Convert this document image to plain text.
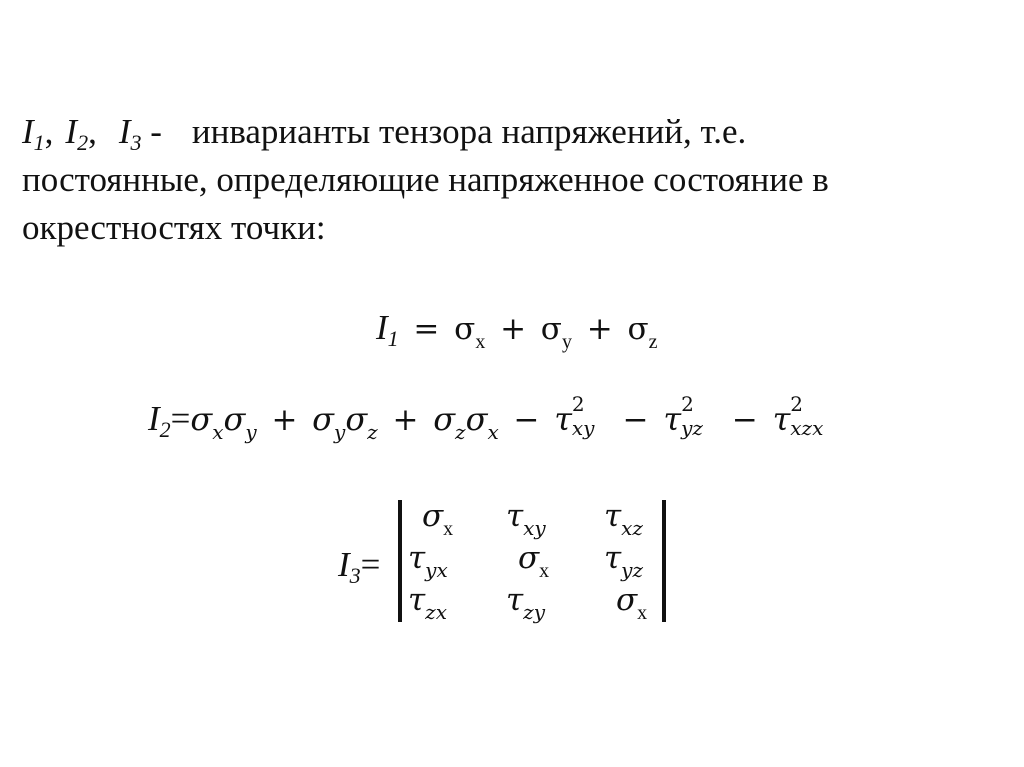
$I_1$, $I_2$, $I_3$ - инварианты тензора напряжений, т.е.
постоянные, определяющие напряженное состояние в
окрестностях точки:
$I_1 = \sigma_x + \sigma_y + \sigma_z$
$I_2=\sigma_x\sigma_y + \sigma_y\sigma_z + \sigma_z\sigma_x - \tau$ 2
xy − τ 2
yz − τ 2
xzx
$I_3=$
σx τxy τxz
τyx σx τyz
τzx τzy σx
